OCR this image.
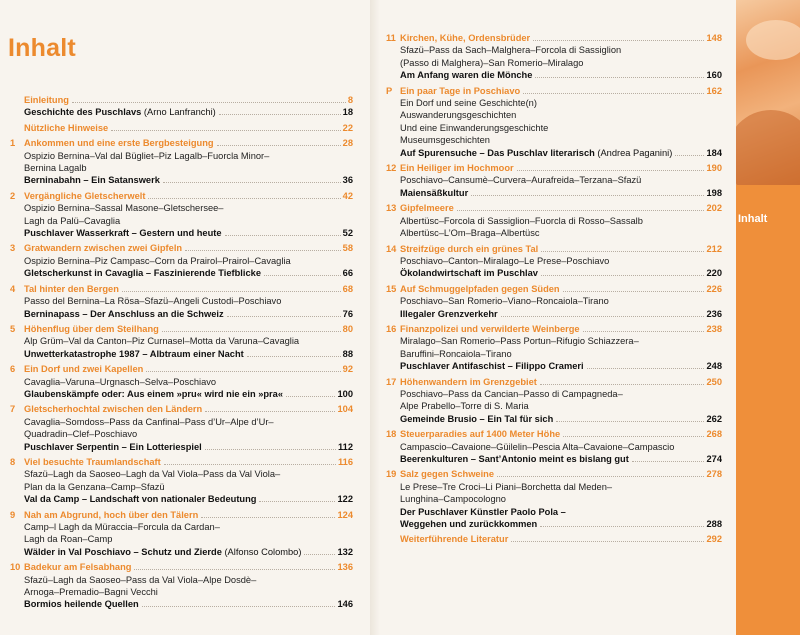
Inhalt
Inhalt
Einleitung	8
Geschichte des Puschlavs (Arno Lanfranchi)	18
Nützliche Hinweise	22
1 Ankommen und eine erste Bergbesteigung	28
Ospizio Bernina–Val dal Bügliet–Piz Lagalb–Fuorcla Minor–
Bernina Lagalb
Berninabahn – Ein Satanswerk	36
2 Vergängliche Gletscherwelt	42
Ospizio Bernina–Sassal Masone–Gletschersee–
Lagh da Palü–Cavaglia
Puschlaver Wasserkraft – Gestern und heute	52
3 Gratwandern zwischen zwei Gipfeln	58
Ospizio Bernina–Piz Campasc–Corn da Prairol–Prairol–Cavaglia
Gletscherkunst in Cavaglia – Faszinierende Tiefblicke	66
4 Tal hinter den Bergen	68
Passo del Bernina–La Rösa–Sfazü–Angeli Custodi–Poschiavo
Berninapass – Der Anschluss an die Schweiz	76
5 Höhenflug über dem Steilhang	80
Alp Grüm–Val da Canton–Piz Curnasel–Motta da Varuna–Cavaglia
Unwetterkatastrophe 1987 – Albtraum einer Nacht	88
6 Ein Dorf und zwei Kapellen	92
Cavaglia–Varuna–Urgnasch–Selva–Poschiavo
Glaubenskämpfe oder: Aus einem »pru« wird nie ein »pra«	100
7 Gletscherhochtal zwischen den Ländern	104
Cavaglia–Somdoss–Pass da Canfinal–Pass d’Ur–Alpe d’Ur–
Quadradin–Clef–Poschiavo
Puschlaver Serpentin – Ein Lotteriespiel	112
8 Viel besuchte Traumlandschaft	116
Sfazü–Lagh da Saoseo–Lagh da Val Viola–Pass da Val Viola–
Plan da la Genzana–Camp–Sfazü
Val da Camp – Landschaft von nationaler Bedeutung	122
9 Nah am Abgrund, hoch über den Tälern	124
Camp–l Lagh da Müraccia–Forcula da Cardan–
Lagh da Roan–Camp
Wälder in Val Poschiavo – Schutz und Zierde (Alfonso Colombo)	132
10 Badekur am Felsabhang	136
Sfazü–Lagh da Saoseo–Pass da Val Viola–Alpe Dosdè–
Arnoga–Premadio–Bagni Vecchi
Bormios heilende Quellen	146
11 Kirchen, Kühe, Ordensbrüder	148
Sfazü–Pass da Sach–Malghera–Forcola di Sassiglion
(Passo di Malghera)–San Romerio–Miralago
Am Anfang waren die Mönche	160
P Ein paar Tage in Poschiavo	162
Ein Dorf und seine Geschichte(n)
Auswanderungsgeschichten
Und eine Einwanderungsgeschichte
Museumsgeschichten
Auf Spurensuche – Das Puschlav literarisch (Andrea Paganini)	184
12 Ein Heiliger im Hochmoor	190
Poschiavo–Cansumè–Curvera–Aurafreida–Terzana–Sfazü
Maiensäßkultur	198
13 Gipfelmeere	202
Albertüsc–Forcola di Sassiglion–Fuorcla di Rosso–Sassalb
Albertüsc–L’Om–Braga–Albertüsc
14 Streifzüge durch ein grünes Tal	212
Poschiavo–Canton–Miralago–Le Prese–Poschiavo
Ökolandwirtschaft im Puschlav	220
15 Auf Schmuggelpfaden gegen Süden	226
Poschiavo–San Romerio–Viano–Roncaiola–Tirano
Illegaler Grenzverkehr	236
16 Finanzpolizei und verwilderte Weinberge	238
Miralago–San Romerio–Pass Portun–Rifugio Schiazzera–
Baruffini–Roncaiola–Tirano
Puschlaver Antifaschist – Filippo Crameri	248
17 Höhenwandern im Grenzgebiet	250
Poschiavo–Pass da Cancian–Passo di Campagneda–
Alpe Prabello–Torre di S. Maria
Gemeinde Brusio – Ein Tal für sich	262
18 Steuerparadies auf 1400 Meter Höhe	268
Campascio–Cavaione–Güilelin–Pescia Alta–Cavaione–Campascio
Beerenkulturen – Sant’Antonio meint es bislang gut	274
19 Salz gegen Schweine	278
Le Prese–Tre Croci–Li Piani–Borchetta dal Meden–
Lunghina–Campocologno
Der Puschlaver Künstler Paolo Pola –
Weggehen und zurückkommen	288
Weiterführende Literatur	292
